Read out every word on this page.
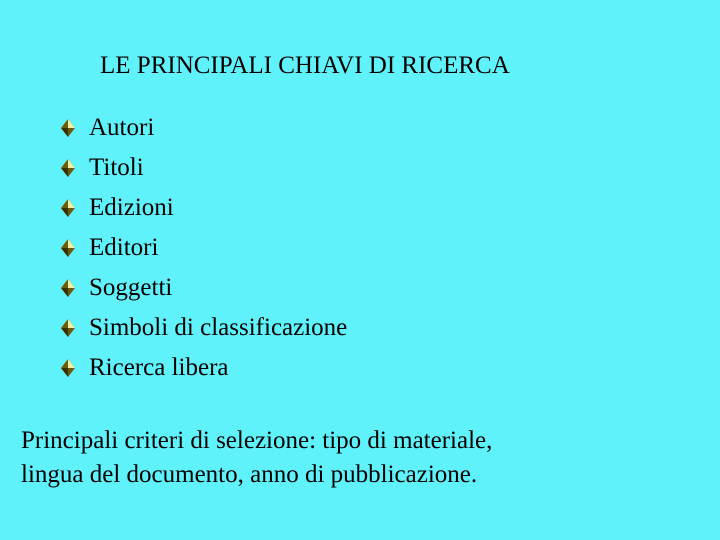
LE PRINCIPALI CHIAVI DI RICERCA
Autori
Titoli
Edizioni
Editori
Soggetti
Simboli di classificazione
Ricerca libera
Principali criteri di selezione: tipo di materiale,
lingua del documento, anno di pubblicazione.
